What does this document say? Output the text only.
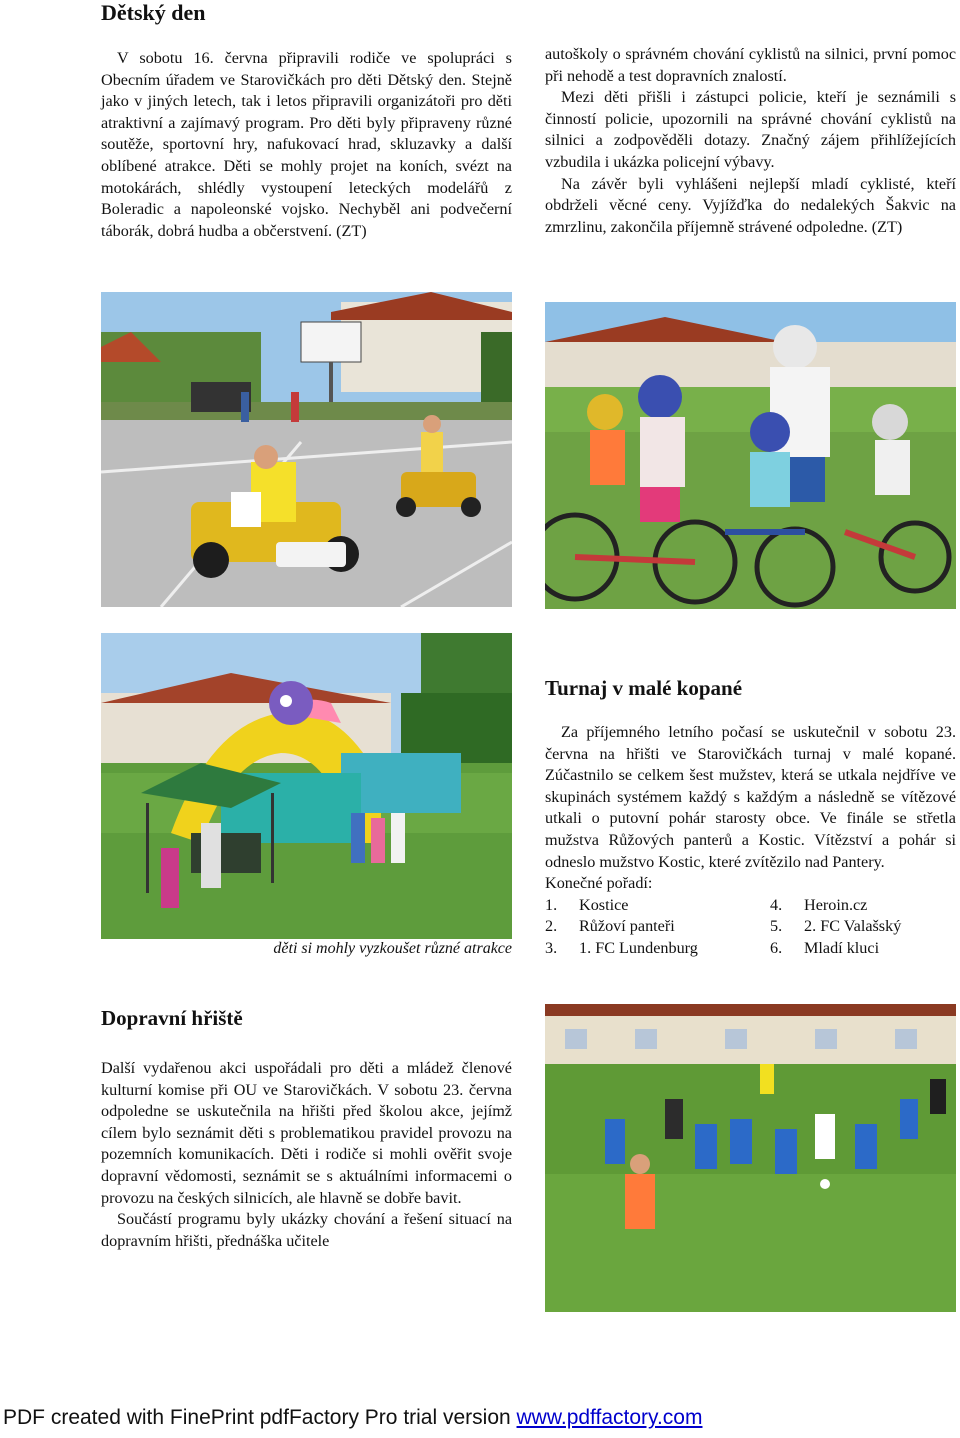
Dětský den

V sobotu 16. června připravili rodiče ve spolupráci s Obecním úřadem ve Starovičkách pro děti Dětský den. Stejně jako v jiných letech, tak i letos připravili organizátoři pro děti atraktivní a zajímavý program. Pro děti byly připraveny různé soutěže, sportovní hry, nafukovací hrad, skluzavky a další oblíbené atrakce. Děti se mohly projet na koních, svézt na motokárách, shlédly vystoupení leteckých modelářů z Boleradic a napoleonské vojsko. Nechyběl ani podvečerní táborák, dobrá hudba a občerstvení. (ZT)

autoškoly o správném chování cyklistů na silnici, první pomoc při nehodě a test dopravních znalostí.

Mezi děti přišli i zástupci policie, kteří je seznámili s činností policie, upozornili na správné chování cyklistů na silnici a zodpověděli dotazy. Značný zájem přihlížejících vzbudila i ukázka policejní výbavy.

Na závěr byli vyhlášeni nejlepší mladí cyklisté, kteří obdrželi věcné ceny. Vyjížďka do nedalekých Šakvic na zmrzlinu, zakončila příjemně strávené odpoledne. (ZT)

děti si mohly vyzkoušet různé atrakce
Turnaj v malé kopané

Za příjemného letního počasí se uskutečnil v sobotu 23. června na hřišti ve Starovičkách turnaj v malé kopané. Zúčastnilo se celkem šest mužstev, která se utkala nejdříve ve skupinách systémem každý s každým a následně se vítězové utkali o putovní pohár starosty obce. Ve finále se střetla mužstva Růžových panterů a Kostic. Vítězství a pohár si odneslo mužstvo Kostic, které zvítězilo nad Pantery.

Konečné pořadí:
1.	Kostice	4.	Heroin.cz
2.	Růžoví panteři	5.	2. FC Valašský
3.	1. FC Lundenburg	6.	Mladí kluci
Dopravní hřiště

Další vydařenou akci uspořádali pro děti a mládež členové kulturní komise při OU ve Starovičkách. V sobotu 23. června odpoledne se uskutečnila na hřišti před školou akce, jejímž cílem bylo seznámit děti s problematikou pravidel provozu na pozemních komunikacích. Děti i rodiče si mohli ověřit svoje dopravní vědomosti, seznámit se s aktuálními informacemi o provozu na českých silnicích, ale hlavně se dobře bavit.

Součástí programu byly ukázky chování a řešení situací na dopravním hřišti, přednáška učitele

PDF created with FinePrint pdfFactory Pro trial version www.pdffactory.com
